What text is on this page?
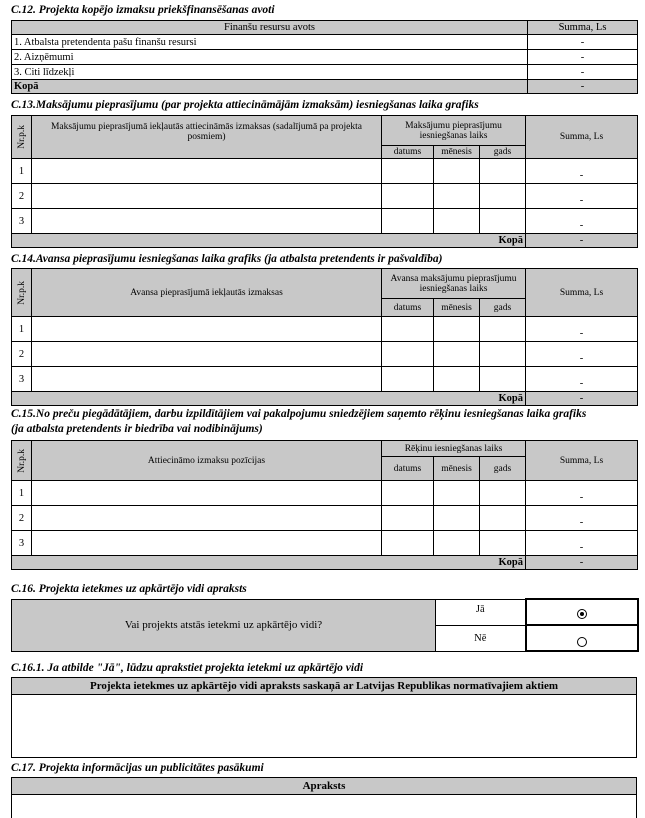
C.12. Projekta kopējo izmaksu priekšfinansēšanas avoti
Finanšu resursu avots	Summa, Ls
1. Atbalsta pretendenta pašu finanšu resursi	-
2. Aizņēmumi	-
3. Citi līdzekļi	-
Kopā	-
C.13.Maksājumu pieprasījumu (par projekta attiecināmājām izmaksām) iesniegšanas laika grafiks
Nr.p.k	Maksājumu pieprasījumā iekļautās attiecināmās izmaksas (sadalījumā pa projekta posmiem)	Maksājumu pieprasījumu iesniegšanas laiks			Summa, Ls
		datums	mēnesis	gads	
1					-
2					-
3					-
Kopā					-
C.14.Avansa pieprasījumu iesniegšanas laika grafiks (ja atbalsta pretendents ir pašvaldība)
Nr.p.k	Avansa pieprasījumā iekļautās izmaksas	Avansa maksājumu pieprasījumu iesniegšanas laiks			Summa, Ls
		datums	mēnesis	gads	
1					-
2					-
3					-
Kopā					-
C.15.No preču piegādātājiem, darbu izpildītājiem vai pakalpojumu sniedzējiem saņemto rēķinu iesniegšanas laika grafiks
(ja atbalsta pretendents ir biedrība vai nodibinājums)
Nr.p.k	Attiecināmo izmaksu pozīcijas	Rēķinu iesniegšanas laiks			Summa, Ls
		datums	mēnesis	gads	
1					-
2					-
3					-
Kopā					-
C.16. Projekta ietekmes uz apkārtējo vidi apraksts
Vai projekts atstās ietekmi uz apkārtējo vidi?	Jā	
	Nē	
C.16.1. Ja atbilde "Jā", lūdzu aprakstiet projekta ietekmi uz apkārtējo vidi
Projekta ietekmes uz apkārtējo vidi apraksts saskaņā ar Latvijas Republikas normatīvajiem aktiem
C.17. Projekta informācijas un publicitātes pasākumi
Apraksts
